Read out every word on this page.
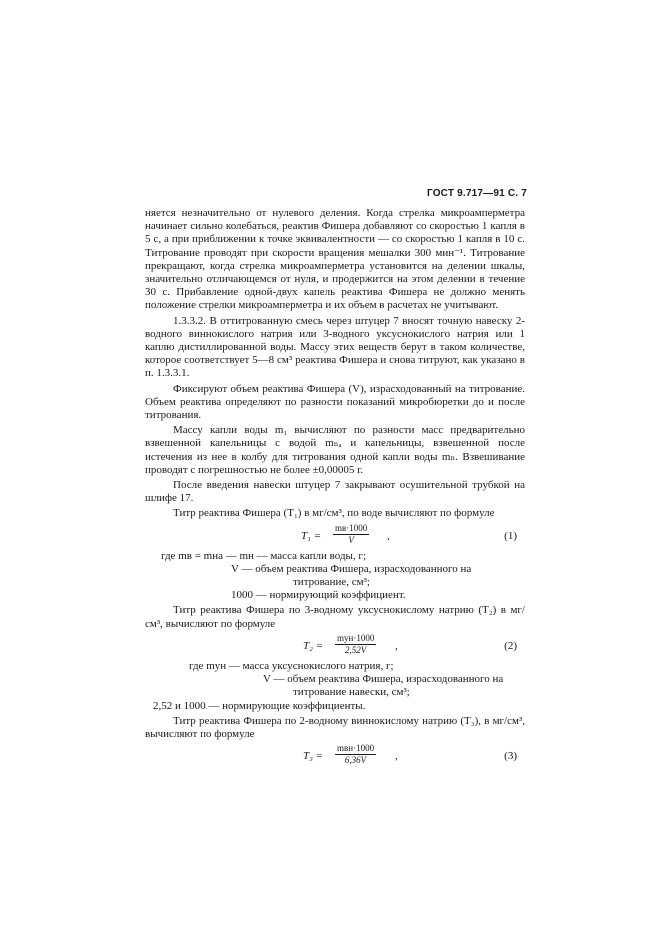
ГОСТ 9.717—91 С. 7

няется незначительно от нулевого деления. Когда стрелка микроамперметра начинает сильно колебаться, реактив Фишера добавляют со скоростью 1 капля в 5 с, а при приближении к точке эквивалентности — со скоростью 1 капля в 10 с. Титрование проводят при скорости вращения мешалки 300 мин⁻¹. Титрование прекращают, когда стрелка микроамперметра установится на делении шкалы, значительно отличающемся от нуля, и продержится на этом делении в течение 30 с. Прибавление одной-двух капель реактива Фишера не должно менять положение стрелки микроамперметра и их объем в расчетах не учитывают.

1.3.3.2. В оттитрованную смесь через штуцер 7 вносят точную навеску 2-водного виннокислого натрия или 3-водного уксуснокислого натрия или 1 каплю дистиллированной воды. Массу этих веществ берут в таком количестве, которое соответствует 5—8 см³ реактива Фишера и снова титруют, как указано в п. 1.3.3.1.

Фиксируют объем реактива Фишера (V), израсходованный на титрование. Объем реактива определяют по разности показаний микробюретки до и после титрования.

Массу капли воды m₁ вычисляют по разности масс предварительно взвешенной капельницы с водой mₙₐ и капельницы, взвешенной после истечения из нее в колбу для титрования одной капли воды mₙ. Взвешивание проводят с погрешностью не более ±0,00005 г.

После введения навески штуцер 7 закрывают осушительной трубкой на шлифе 17.

Титр реактива Фишера (T₁) в мг/см³, по воде вычисляют по формуле

T₁ =
mв·1000
V	,	(1)

где mв = mна — mн — масса капли воды, г;

V — объем реактива Фишера, израсходованного на

титрование, см³;

1000 — нормирующий коэффициент.

Титр реактива Фишера по 3-водному уксуснокислому натрию (T₂) в мг/см³, вычисляют по формуле

T₂ =
mун·1000
2,52V	,	(2)

где mун — масса уксуснокислого натрия, г;

V — объем реактива Фишера, израсходованного на

титрование навески, см³;

2,52 и 1000 — нормирующие коэффициенты.

Титр реактива Фишера по 2-водному виннокислому натрию (T₃), в мг/см³, вычисляют по формуле

T₃ =
mвн·1000
6,36V	,	(3)
